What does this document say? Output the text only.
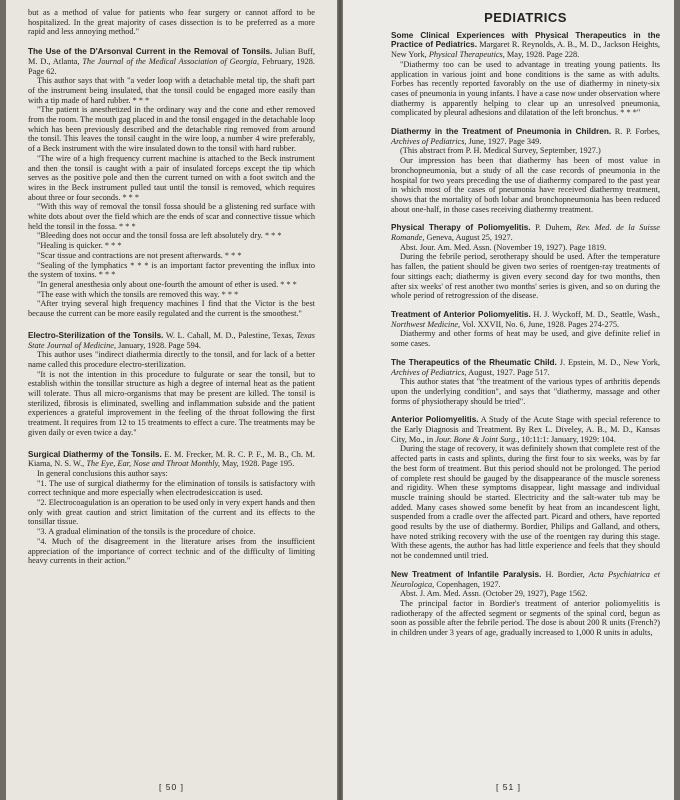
but as a method of value for patients who fear surgery or cannot afford to be hospitalized. In the great majority of cases dissection is to be preferred as a more rapid and less annoying method."

The Use of the D'Arsonval Current in the Removal of Tonsils. Julian Buff, M. D., Atlanta, The Journal of the Medical Association of Georgia, February, 1928. Page 62.

This author says that with "a veder loop with a detachable metal tip, the shaft part of the instrument being insulated, that the tonsil could be engaged more easily than with a tip made of hard rubber. * * *

"The patient is anesthetized in the ordinary way and the cone and ether removed from the room. The mouth gag placed in and the tonsil engaged in the detachable loop which has been previously described and the detachable ring removed from around the tonsil. This leaves the tonsil caught in the wire loop, a number 4 wire preferably, of a Beck instrument with the wire insulated down to the tonsil with hard rubber.

"The wire of a high frequency current machine is attached to the Beck instrument and then the tonsil is caught with a pair of insulated forceps except the tip which serves as the positive pole and then the current turned on with a foot switch and the wires in the Beck instrument pulled taut until the tonsil is removed, which requires about three or four seconds. * * *

"With this way of removal the tonsil fossa should be a glistening red surface with white dots about over the field which are the ends of scar and connective tissue which held the tonsil in the fossa. * * *

"Bleeding does not occur and the tonsil fossa are left absolutely dry. * * *

"Healing is quicker. * * *

"Scar tissue and contractions are not present afterwards. * * *

"Sealing of the lymphatics * * * is an important factor preventing the influx into the system of toxins. * * *

"In general anesthesia only about one-fourth the amount of ether is used. * * *

"The ease with which the tonsils are removed this way. * * *

"After trying several high frequency machines I find that the Victor is the best because the current can be more easily regulated and the current is the smoothest."

Electro-Sterilization of the Tonsils. W. L. Cahall, M. D., Palestine, Texas, Texas State Journal of Medicine, January, 1928. Page 594.

This author uses "indirect diathermia directly to the tonsil, and for lack of a better name called this procedure electro-sterilization.

"It is not the intention in this procedure to fulgurate or sear the tonsil, but to establish within the tonsillar structure as high a degree of internal heat as the patient will tolerate. Thus all micro-organisms that may be present are killed. The tonsil is sterilized, fibrosis is eliminated, swelling and inflammation subside and the patient experiences a grateful improvement in the feeling of the throat following the first treatment. It requires from 12 to 15 treatments to effect a cure. The treatments may be given daily or even twice a day."

Surgical Diathermy of the Tonsils. E. M. Frecker, M. R. C. P. F., M. B., Ch. M. Kiama, N. S. W., The Eye, Ear, Nose and Throat Monthly, May, 1928. Page 195.

In general conclusions this author says:

"1. The use of surgical diathermy for the elimination of tonsils is satisfactory with correct technique and more especially when electrodesiccation is used.

"2. Electrocoagulation is an operation to be used only in very expert hands and then only with great caution and strict limitation of the current and its effects to the tonsillar tissue.

"3. A gradual elimination of the tonsils is the procedure of choice.

"4. Much of the disagreement in the literature arises from the insufficient appreciation of the importance of correct technic and of the difficulty of limiting heavy currents in their action."

[ 50 ]
PEDIATRICS

Some Clinical Experiences with Physical Therapeutics in the Practice of Pediatrics. Margaret R. Reynolds, A. B., M. D., Jackson Heights, New York, Physical Therapeutics, May, 1928. Page 228.

"Diathermy too can be used to advantage in treating young patients. Its application in various joint and bone conditions is the same as with adults. Forbes has recently reported favorably on the use of diathermy in ninety-six cases of pneumonia in young infants. I have a case now under observation where diathermy is apparently helping to clear up an unresolved pneumonia, complicated by pleural adhesions and dilatation of the left bronchus. * * *"

Diathermy in the Treatment of Pneumonia in Children. R. P. Forbes, Archives of Pediatrics, June, 1927. Page 349.

(This abstract from P. H. Medical Survey, September, 1927.)

Our impression has been that diathermy has been of most value in bronchopneumonia, but a study of all the case records of pneumonia in the hospital for two years preceding the use of diathermy compared to the past year in which most of the cases of pneumonia have received diathermy treatment, shows that the mortality of both lobar and bronchopneumonia has been reduced about one-half, in those cases receiving diathermy treatment.

Physical Therapy of Poliomyelitis. P. Duhem, Rev. Med. de la Suisse Romande, Geneva, August 25, 1927.

Abst. Jour. Am. Med. Assn. (November 19, 1927). Page 1819.

During the febrile period, serotherapy should be used. After the temperature has fallen, the patient should be given two series of roentgen-ray treatments of four sittings each; diathermy is given every second day for two months, then after six weeks' of rest another two months' series is given, and so on during the whole period of retrogression of the disease.

Treatment of Anterior Poliomyelitis. H. J. Wyckoff, M. D., Seattle, Wash., Northwest Medicine, Vol. XXVII, No. 6, June, 1928. Pages 274-275.

Diathermy and other forms of heat may be used, and give definite relief in some cases.

The Therapeutics of the Rheumatic Child. J. Epstein, M. D., New York, Archives of Pediatrics, August, 1927. Page 517.

This author states that "the treatment of the various types of arthritis depends upon the underlying condition", and says that "diathermy, massage and other forms of physiotherapy should be tried".

Anterior Poliomyelitis. A Study of the Acute Stage with special reference to the Early Diagnosis and Treatment. By Rex L. Diveley, A. B., M. D., Kansas City, Mo., in Jour. Bone & Joint Surg., 10:11:1: January, 1929: 104.

During the stage of recovery, it was definitely shown that complete rest of the affected parts in casts and splints, during the first four to six weeks, was by far the best form of treatment. But this period should not be prolonged. The period of complete rest should be gauged by the disappearance of the muscle soreness and rigidity. When these symptoms disappear, light massage and individual muscle training should be started. Electricity and the salt-water tub may be added. Many cases showed some benefit by heat from an incandescent light, suspended from a cradle over the affected part. Picard and others, have reported good results by the use of diathermy. Bordier, Philips and Galland, and others, have noted striking recovery with the use of the roentgen ray during this stage. With these agents, the author has had little experience and feels that they should not be condemned until tried.

New Treatment of Infantile Paralysis. H. Bordier, Acta Psychiatrica et Neurologica, Copenhagen, 1927.

Abst. J. Am. Med. Assn. (October 29, 1927), Page 1562.

The principal factor in Bordier's treatment of anterior poliomyelitis is radiotherapy of the affected segment or segments of the spinal cord, begun as soon as possible after the febrile period. The dose is about 200 R units (French?) in children under 3 years of age, gradually increased to 1,000 R units in adults,

[ 51 ]
